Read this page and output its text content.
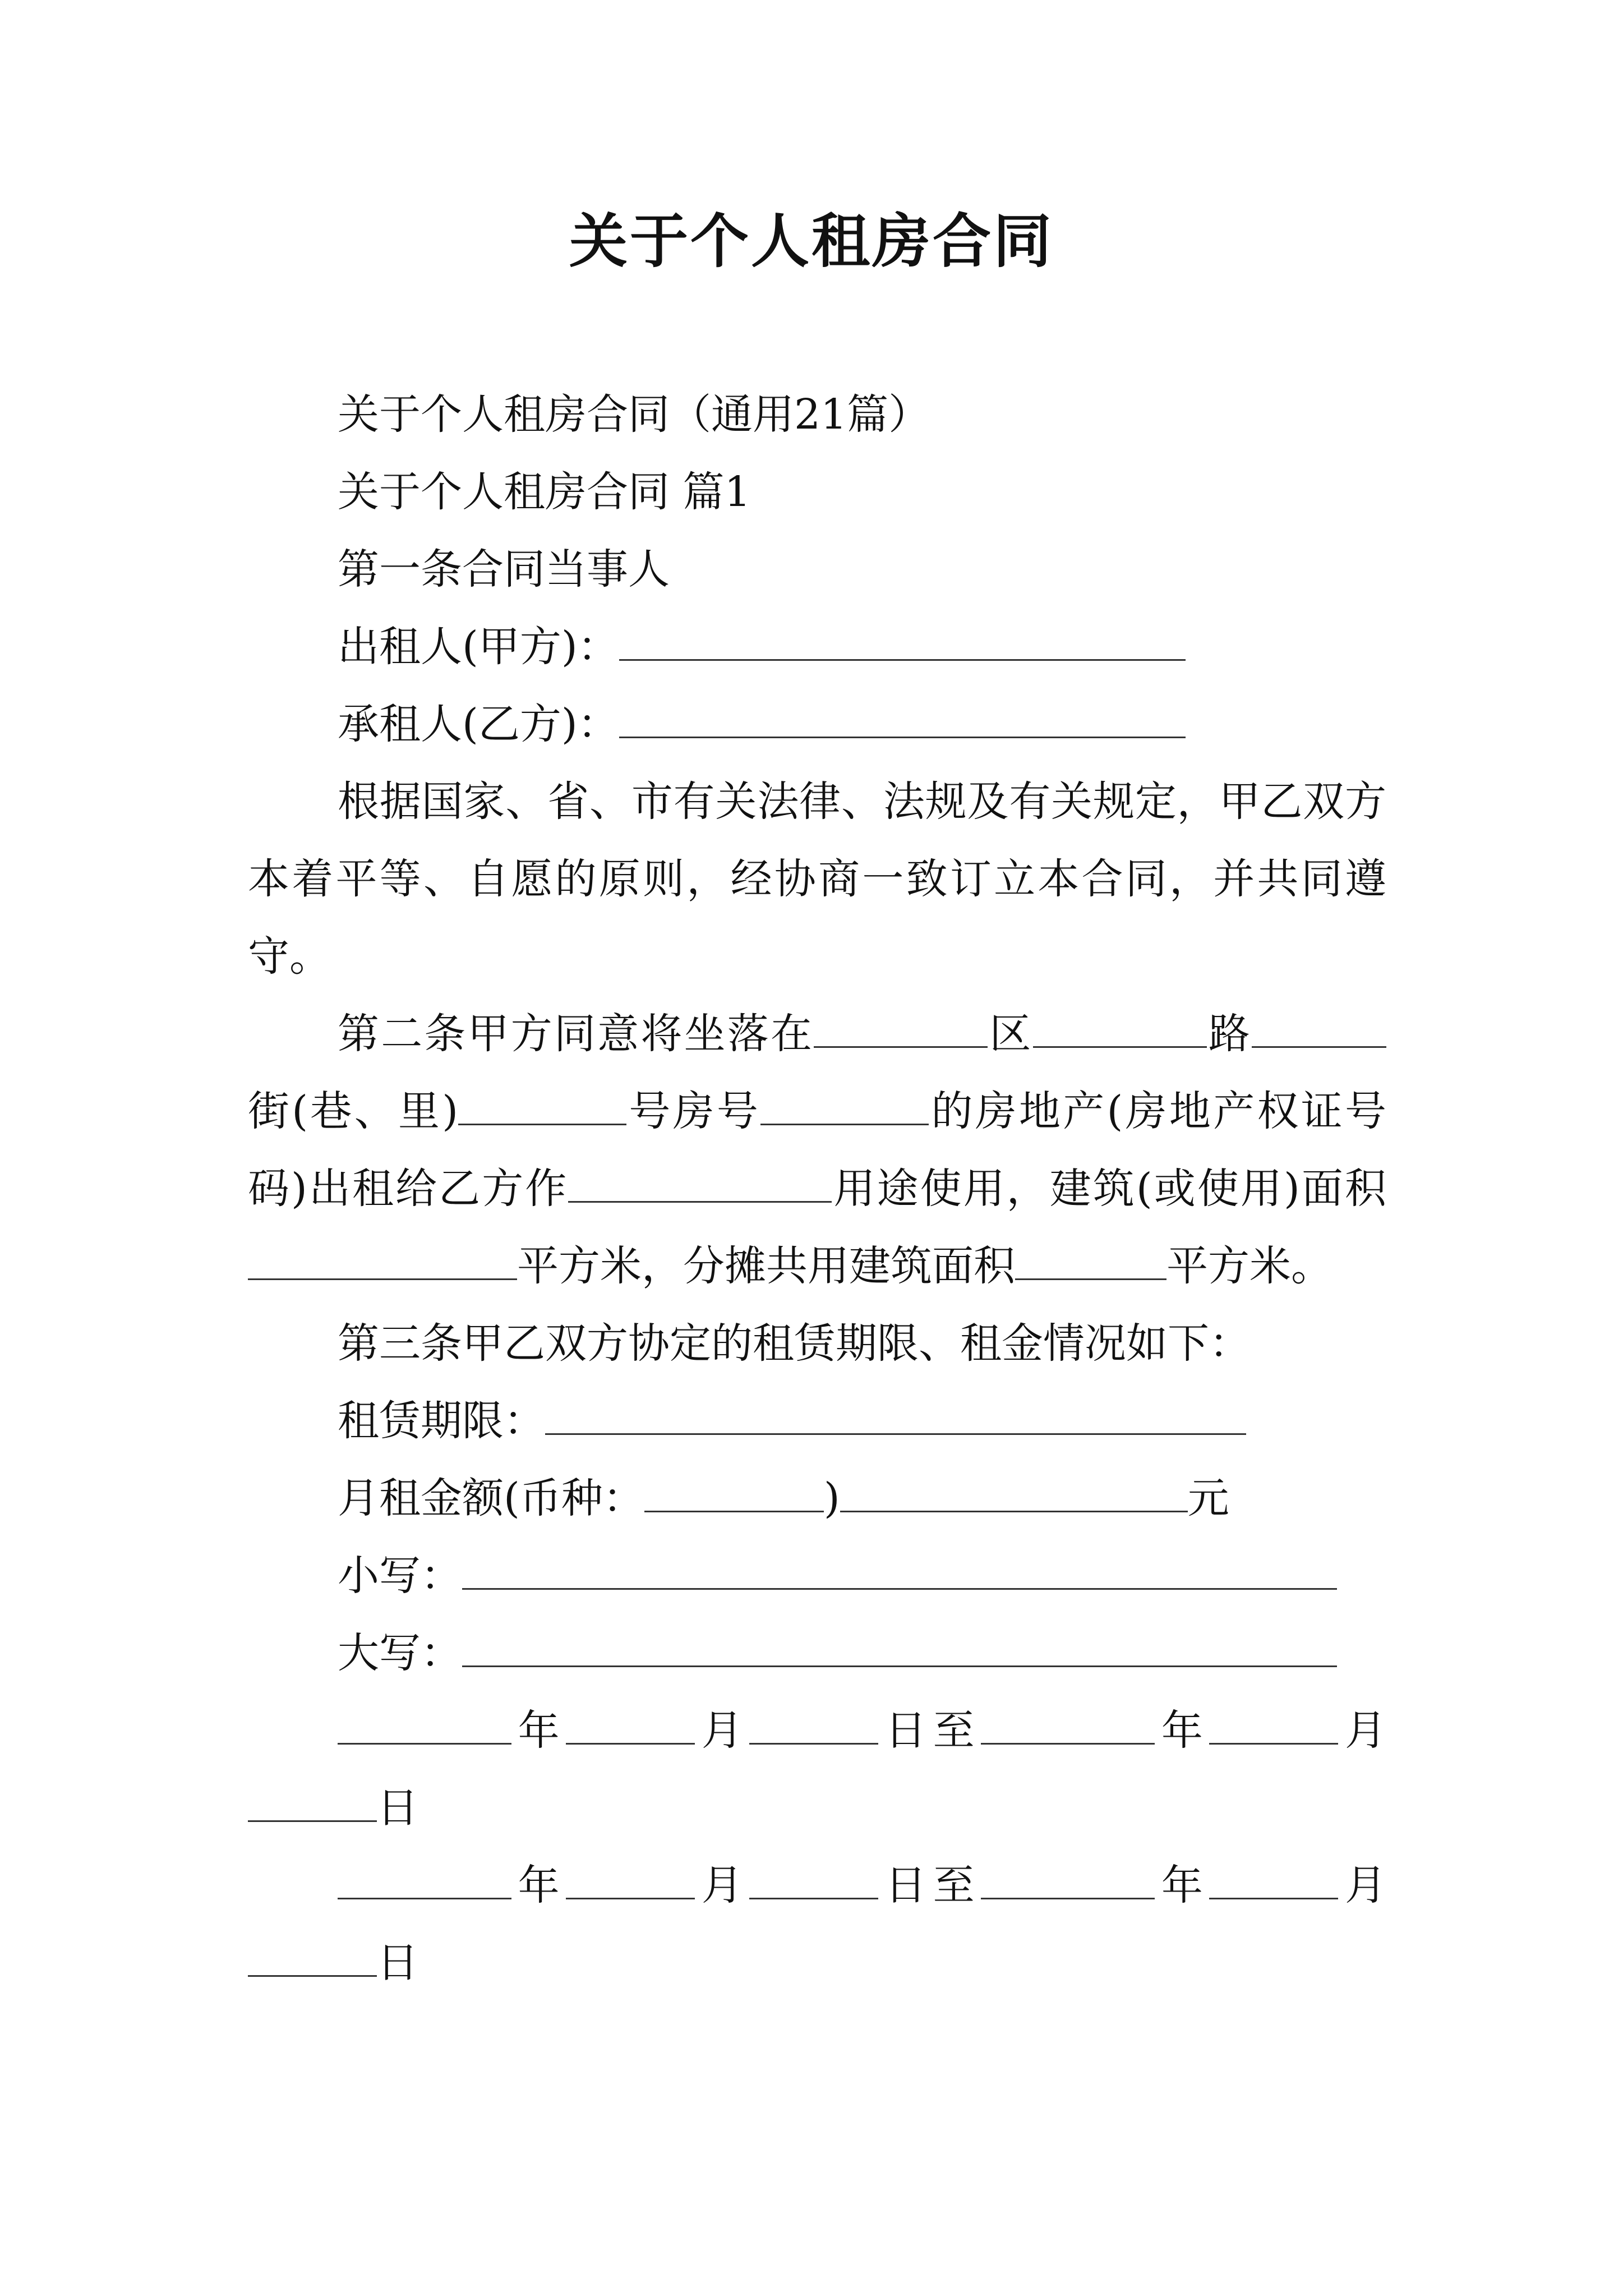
关于个人租房合同

关于个人租房合同（通用21篇）

关于个人租房合同 篇1

第一条合同当事人

出租人(甲方)：

承租人(乙方)：

根据国家、省、市有关法律、法规及有关规定，甲乙双方本着平等、自愿的原则，经协商一致订立本合同，并共同遵守。

第二条甲方同意将坐落在	区	路街(巷、里)	号房号	的房地产(房地产权证号码)出租给乙方作	用途使用，建筑(或使用)面积平方米，分摊共用建筑面积	平方米。

第三条甲乙双方协定的租赁期限、租金情况如下：

租赁期限：

月租金额(币种：	)	元

小写：

大写：

年	月	日至	年	月日

年	月	日至	年	月日
